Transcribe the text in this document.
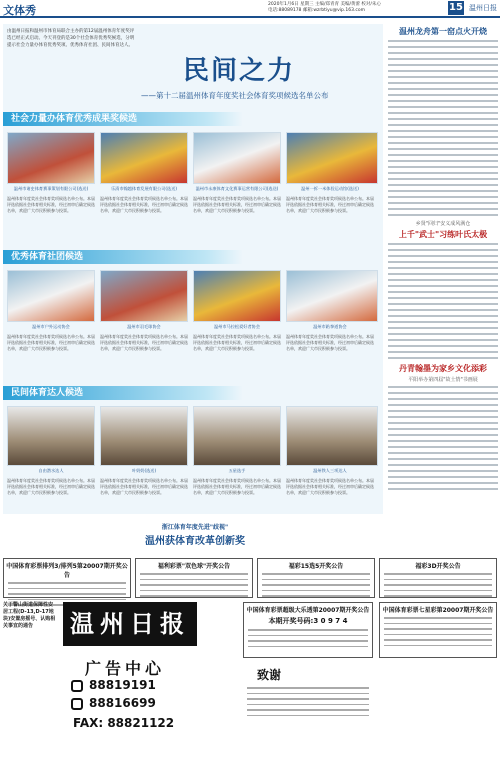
文体秀	2020年1月6日 星期三 主编/郑青青 美编/黄蕾 校对/朱心
电话:88089178 邮箱:wzrbtiyu@vip.163.com	15 温州日报
由温州日报和温州市体育局联合主办的第12届温州体育年度奖评选已经正式启动。今天刊登的是30个社会体育优秀奖候选，分明提示社会力量办体育优秀奖项、优秀体育社团、民间体育达人。
民间之力
——第十二届温州体育年度奖社会体育奖项候选名单公布
社会力量办体育优秀成果奖候选
温州市诸史体育赛事策划有限公司(选送)	乐清市翰越体育发展有限公司(选送)	温州市永康体育文化赛事运营有限公司(选送)	温州一拆一米体验运动馆(选送)
温州体育年度奖社会体育奖项候选名单公布。本届评选依据社会体育相关标准，经过初审后确定候选名单，欢迎广大市民积极参与投票。
温州体育年度奖社会体育奖项候选名单公布。本届评选依据社会体育相关标准，经过初审后确定候选名单，欢迎广大市民积极参与投票。
温州体育年度奖社会体育奖项候选名单公布。本届评选依据社会体育相关标准，经过初审后确定候选名单，欢迎广大市民积极参与投票。
温州体育年度奖社会体育奖项候选名单公布。本届评选依据社会体育相关标准，经过初审后确定候选名单，欢迎广大市民积极参与投票。
优秀体育社团候选
温州市户外运动协会	温州市羽毛球协会	温州市马拉松爱好者协会	温州市跆拳道协会
温州体育年度奖社会体育奖项候选名单公布。本届评选依据社会体育相关标准，经过初审后确定候选名单，欢迎广大市民积极参与投票。
温州体育年度奖社会体育奖项候选名单公布。本届评选依据社会体育相关标准，经过初审后确定候选名单，欢迎广大市民积极参与投票。
温州体育年度奖社会体育奖项候选名单公布。本届评选依据社会体育相关标准，经过初审后确定候选名单，欢迎广大市民积极参与投票。
温州体育年度奖社会体育奖项候选名单公布。本届评选依据社会体育相关标准，经过初审后确定候选名单，欢迎广大市民积极参与投票。
民间体育达人候选
自由潜水达人	叶奶奶(选送)	五星选手	温州铁人三项达人
温州体育年度奖社会体育奖项候选名单公布。本届评选依据社会体育相关标准，经过初审后确定候选名单，欢迎广大市民积极参与投票。
温州体育年度奖社会体育奖项候选名单公布。本届评选依据社会体育相关标准，经过初审后确定候选名单，欢迎广大市民积极参与投票。
温州体育年度奖社会体育奖项候选名单公布。本届评选依据社会体育相关标准，经过初审后确定候选名单，欢迎广大市民积极参与投票。
温州体育年度奖社会体育奖项候选名单公布。本届评选依据社会体育相关标准，经过初审后确定候选名单，欢迎广大市民积极参与投票。
温州龙舟第一窑点火开烧
乡贤"回归"安义成风满仓
上千"武士"习练叶氏太极
丹青翰墨为家乡文化添彩
平阳举办第四届"故土情"书画展
浙江体育年度先进"歧视"
温州获体育改革创新奖
中国体育彩票排列3/排列5第20007期开奖公告
福利彩票"双色球"开奖公告	福彩15选5开奖公告	福彩3D开奖公告
关于警山街道保障性安居工程(D-13,D-17地块)安置房摇号、认购相关事宜的通告	温州日报
广告中心
88819191
88816699
FAX: 88821122
中国体育彩票超级大乐透第20007期开奖公告
本期开奖号码:3 0 9 7 4
致谢
中国体育彩票七星彩第20007期开奖公告
